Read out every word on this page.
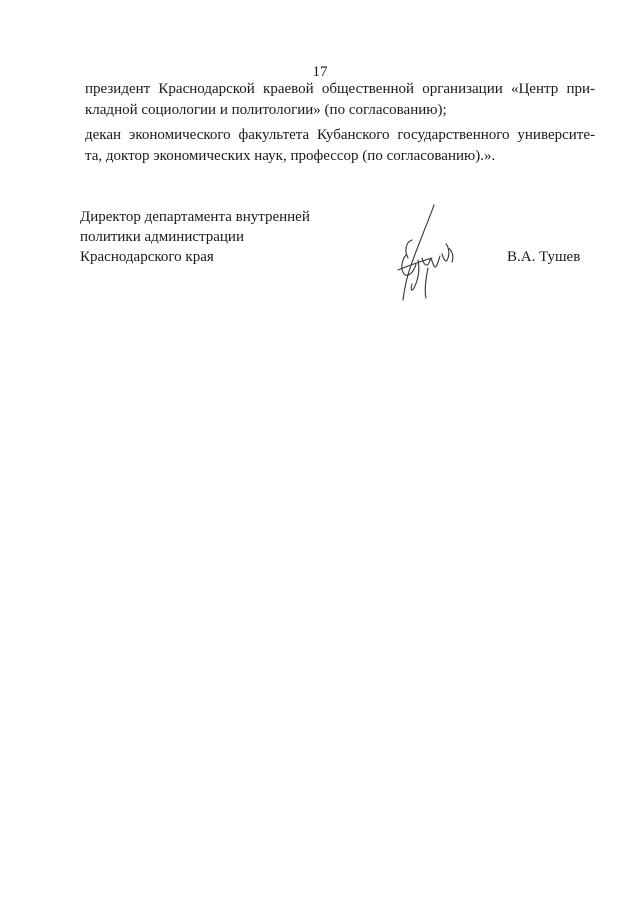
17
президент Краснодарской краевой общественной организации «Центр при-
кладной социологии и политологии» (по согласованию);
декан экономического факультета Кубанского государственного университе-
та, доктор экономических наук, профессор (по согласованию).».
Директор департамента внутренней
политики администрации
Краснодарского края	В.А. Тушев
